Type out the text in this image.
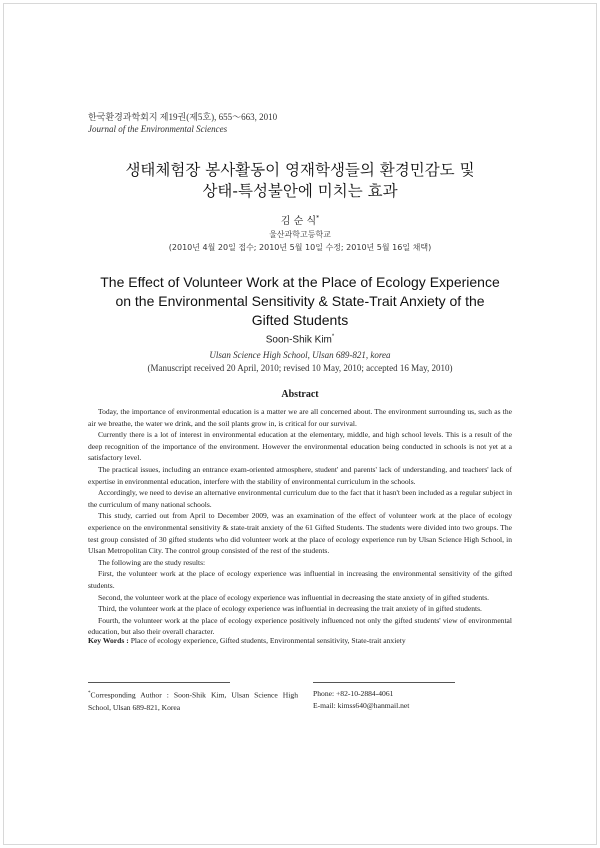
한국환경과학회지 제19권(제5호), 655～663, 2010
Journal of the Environmental Sciences
생태체험장 봉사활동이 영재학생들의 환경민감도 및
상태-특성불안에 미치는 효과
김 순 식*
울산과학고등학교
(2010년 4월 20일 접수; 2010년 5월 10일 수정; 2010년 5월 16일 채택)
The Effect of Volunteer Work at the Place of Ecology Experience
on the Environmental Sensitivity & State-Trait Anxiety of the
Gifted Students
Soon-Shik Kim*
Ulsan Science High School, Ulsan 689-821, korea
(Manuscript received 20 April, 2010; revised 10 May, 2010; accepted 16 May, 2010)
Abstract

Today, the importance of environmental education is a matter we are all concerned about. The environment surrounding us, such as the air we breathe, the water we drink, and the soil plants grow in, is critical for our survival.

Currently there is a lot of interest in environmental education at the elementary, middle, and high school levels. This is a result of the deep recognition of the importance of the environment. However the environmental education being conducted in schools is not yet at a satisfactory level.

The practical issues, including an entrance exam-oriented atmosphere, student' and parents' lack of understanding, and teachers' lack of expertise in environmental education, interfere with the stability of environmental curriculum in the schools.

Accordingly, we need to devise an alternative environmental curriculum due to the fact that it hasn't been included as a regular subject in the curriculum of many national schools.

This study, carried out from April to December 2009, was an examination of the effect of volunteer work at the place of ecology experience on the environmental sensitivity & state-trait anxiety of the 61 Gifted Students. The students were divided into two groups. The test group consisted of 30 gifted students who did volunteer work at the place of ecology experience run by Ulsan Science High School, in Ulsan Metropolitan City. The control group consisted of the rest of the students.

The following are the study results:

First, the volunteer work at the place of ecology experience was influential in increasing the environmental sensitivity of the gifted students.

Second, the volunteer work at the place of ecology experience was influential in decreasing the state anxiety of in gifted students.

Third, the volunteer work at the place of ecology experience was influential in decreasing the trait anxiety of in gifted students.

Fourth, the volunteer work at the place of ecology experience positively influenced not only the gifted students' view of environmental education, but also their overall character.

Key Words : Place of ecology experience, Gifted students, Environmental sensitivity, State-trait anxiety
*Corresponding Author : Soon-Shik Kim, Ulsan Science High School, Ulsan 689-821, Korea
Phone: +82-10-2884-4061
E-mail: kimss640@hanmail.net
